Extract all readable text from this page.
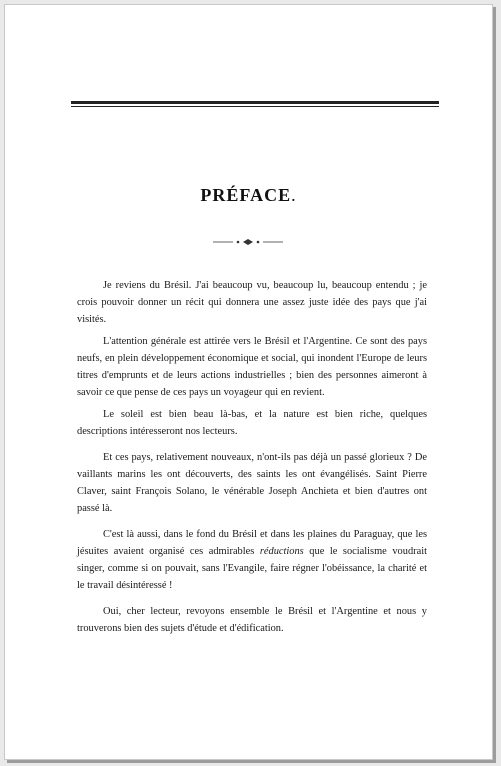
PRÉFACE.

Je reviens du Brésil. J'ai beaucoup vu, beaucoup lu, beaucoup entendu ; je crois pouvoir donner un récit qui donnera une assez juste idée des pays que j'ai visités.

L'attention générale est attirée vers le Brésil et l'Argentine. Ce sont des pays neufs, en plein développement économique et social, qui inondent l'Europe de leurs titres d'emprunts et de leurs actions industrielles ; bien des personnes aimeront à savoir ce que pense de ces pays un voyageur qui en revient.

Le soleil est bien beau là-bas, et la nature est bien riche, quelques descriptions intéresseront nos lecteurs.

Et ces pays, relativement nouveaux, n'ont-ils pas déjà un passé glorieux ? De vaillants marins les ont découverts, des saints les ont évangélisés. Saint Pierre Claver, saint François Solano, le vénérable Joseph Anchieta et bien d'autres ont passé là.

C'est là aussi, dans le fond du Brésil et dans les plaines du Paraguay, que les jésuites avaient organisé ces admirables réductions que le socialisme voudrait singer, comme si on pouvait, sans l'Evangile, faire régner l'obéissance, la charité et le travail désintéressé !

Oui, cher lecteur, revoyons ensemble le Brésil et l'Argentine et nous y trouverons bien des sujets d'étude et d'édification.
